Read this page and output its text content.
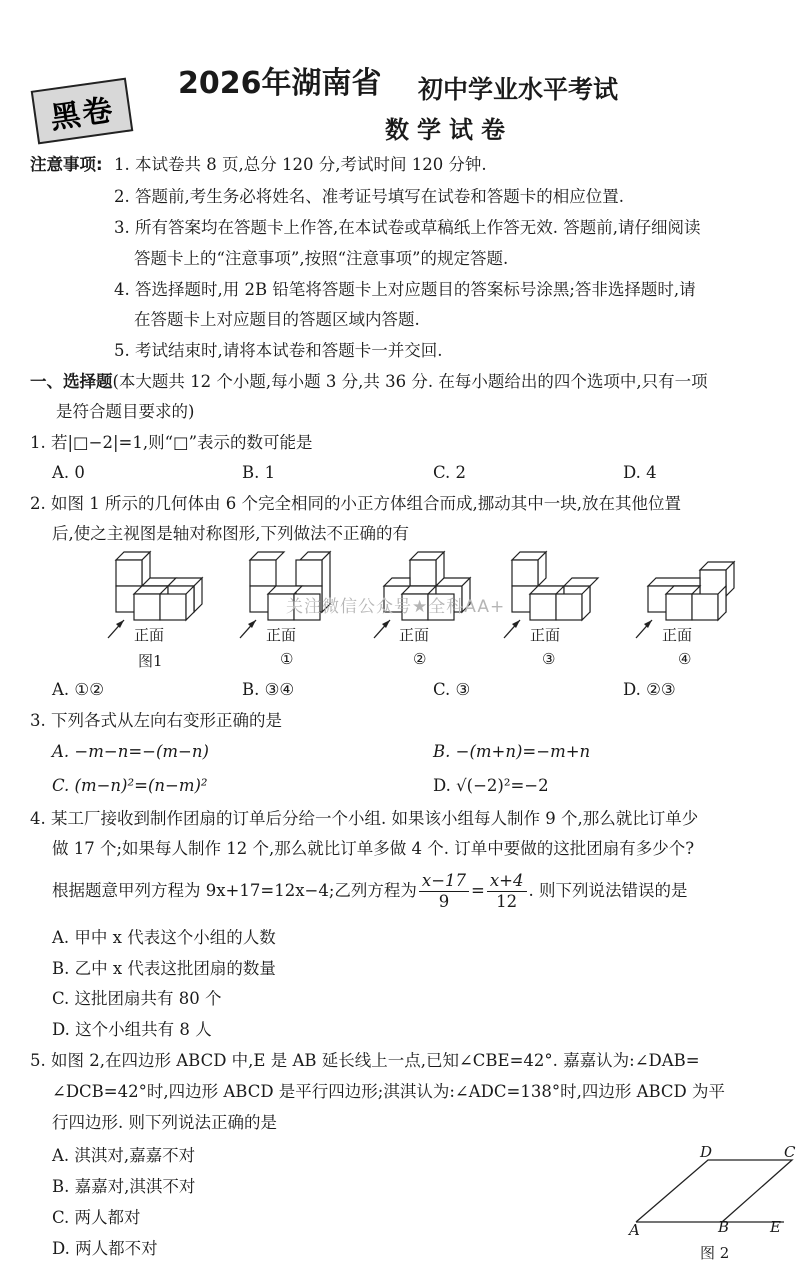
黑卷
2026年湖南省 初中学业水平考试
数学试卷
注意事项: 1. 本试卷共 8 页,总分 120 分,考试时间 120 分钟.
2. 答题前,考生务必将姓名、准考证号填写在试卷和答题卡的相应位置.
3. 所有答案均在答题卡上作答,在本试卷或草稿纸上作答无效. 答题前,请仔细阅读
答题卡上的“注意事项”,按照“注意事项”的规定答题.
4. 答选择题时,用 2B 铅笔将答题卡上对应题目的答案标号涂黑;答非选择题时,请
在答题卡上对应题目的答题区域内答题.
5. 考试结束时,请将本试卷和答题卡一并交回.
一、选择题(本大题共 12 个小题,每小题 3 分,共 36 分. 在每小题给出的四个选项中,只有一项
是符合题目要求的)
1. 若|□−2|=1,则“□”表示的数可能是
A. 0	B. 1	C. 2	D. 4
2. 如图 1 所示的几何体由 6 个完全相同的小正方体组合而成,挪动其中一块,放在其他位置
后,使之主视图是轴对称图形,下列做法不正确的有
正面
图1
正面
①
正面
②
正面
③
正面
④
关注微信公众号★全科AA+
A. ①②	B. ③④	C. ③	D. ②③
3. 下列各式从左向右变形正确的是
A. −m−n=−(m−n)	B. −(m+n)=−m+n
C. (m−n)²=(n−m)²	D. √(−2)²=−2
4. 某工厂接收到制作团扇的订单后分给一个小组. 如果该小组每人制作 9 个,那么就比订单少
做 17 个;如果每人制作 12 个,那么就比订单多做 4 个. 订单中要做的这批团扇有多少个?
根据题意甲列方程为 9x+17=12x−4;乙列方程为 $\frac{x-17}{9} = \frac{x+4}{12}$ . 则下列说法错误的是
A. 甲中 x 代表这个小组的人数
B. 乙中 x 代表这批团扇的数量
C. 这批团扇共有 80 个
D. 这个小组共有 8 人
5. 如图 2,在四边形 ABCD 中,E 是 AB 延长线上一点,已知∠CBE=42°. 嘉嘉认为:∠DAB=
∠DCB=42°时,四边形 ABCD 是平行四边形;淇淇认为:∠ADC=138°时,四边形 ABCD 为平
行四边形. 则下列说法正确的是
A. 淇淇对,嘉嘉不对
B. 嘉嘉对,淇淇不对
C. 两人都对
D. 两人都不对
A	B
C
D
E
图 2
